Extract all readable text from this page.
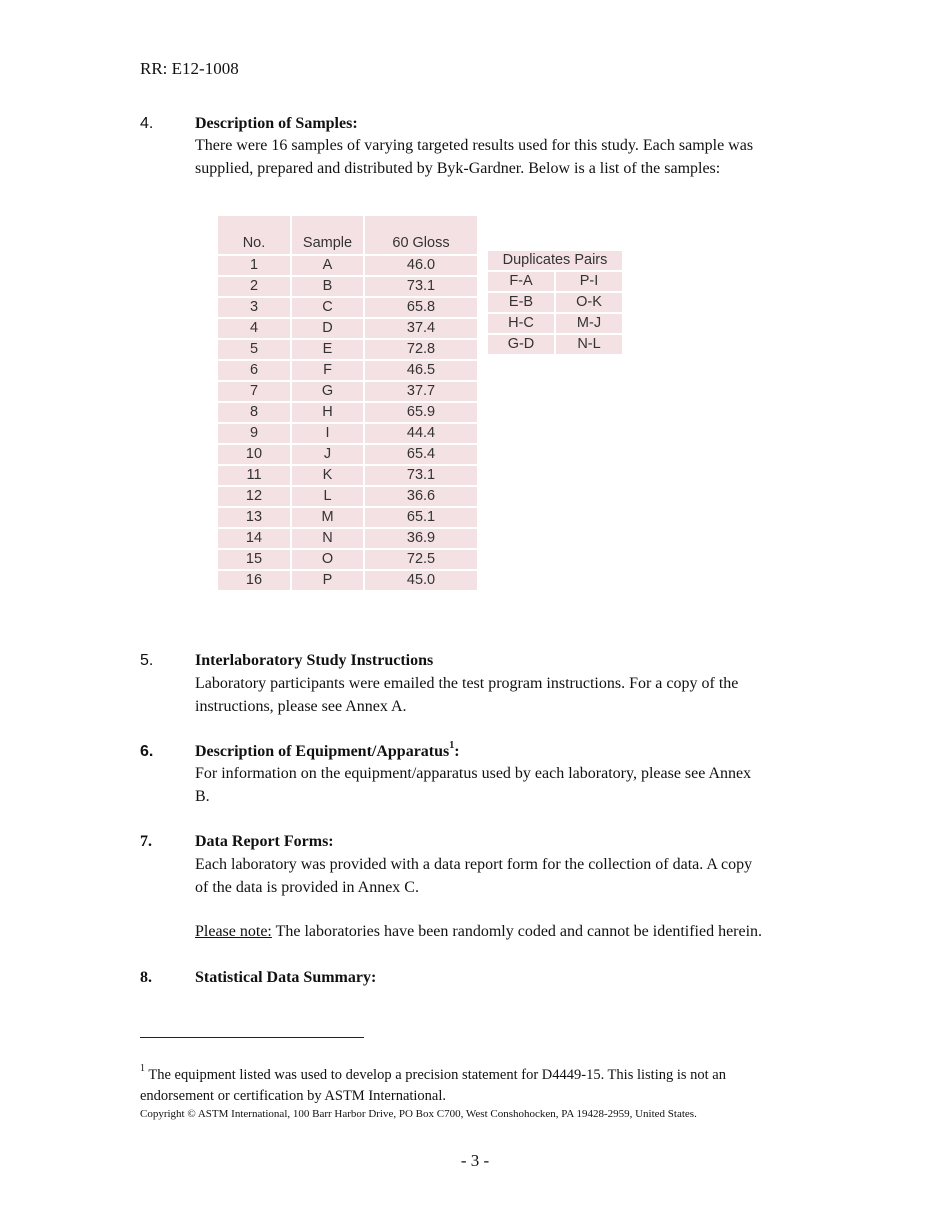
RR: E12-1008
4.	Description of Samples:
There were 16 samples of varying targeted results used for this study. Each sample was
supplied, prepared and distributed by Byk-Gardner. Below is a list of the samples:
No.	Sample	60 Gloss
1	A	46.0
2	B	73.1
3	C	65.8
4	D	37.4
5	E	72.8
6	F	46.5
7	G	37.7
8	H	65.9
9	I	44.4
10	J	65.4
11	K	73.1
12	L	36.6
13	M	65.1
14	N	36.9
15	O	72.5
16	P	45.0
Duplicates Pairs	
F-A	P-I
E-B	O-K
H-C	M-J
G-D	N-L
5.	Interlaboratory Study Instructions
Laboratory participants were emailed the test program instructions. For a copy of the
instructions, please see Annex A.
6.	Description of Equipment/Apparatus$^1$:
For information on the equipment/apparatus used by each laboratory, please see Annex
B.
7.	Data Report Forms:
Each laboratory was provided with a data report form for the collection of data. A copy
of the data is provided in Annex C.
Please note: The laboratories have been randomly coded and cannot be identified herein.
8.	Statistical Data Summary:
$^1$ The equipment listed was used to develop a precision statement for D4449-15. This listing is not an endorsement or certification by ASTM International.
Copyright © ASTM International, 100 Barr Harbor Drive, PO Box C700, West Conshohocken, PA 19428-2959, United States.
- 3 -
